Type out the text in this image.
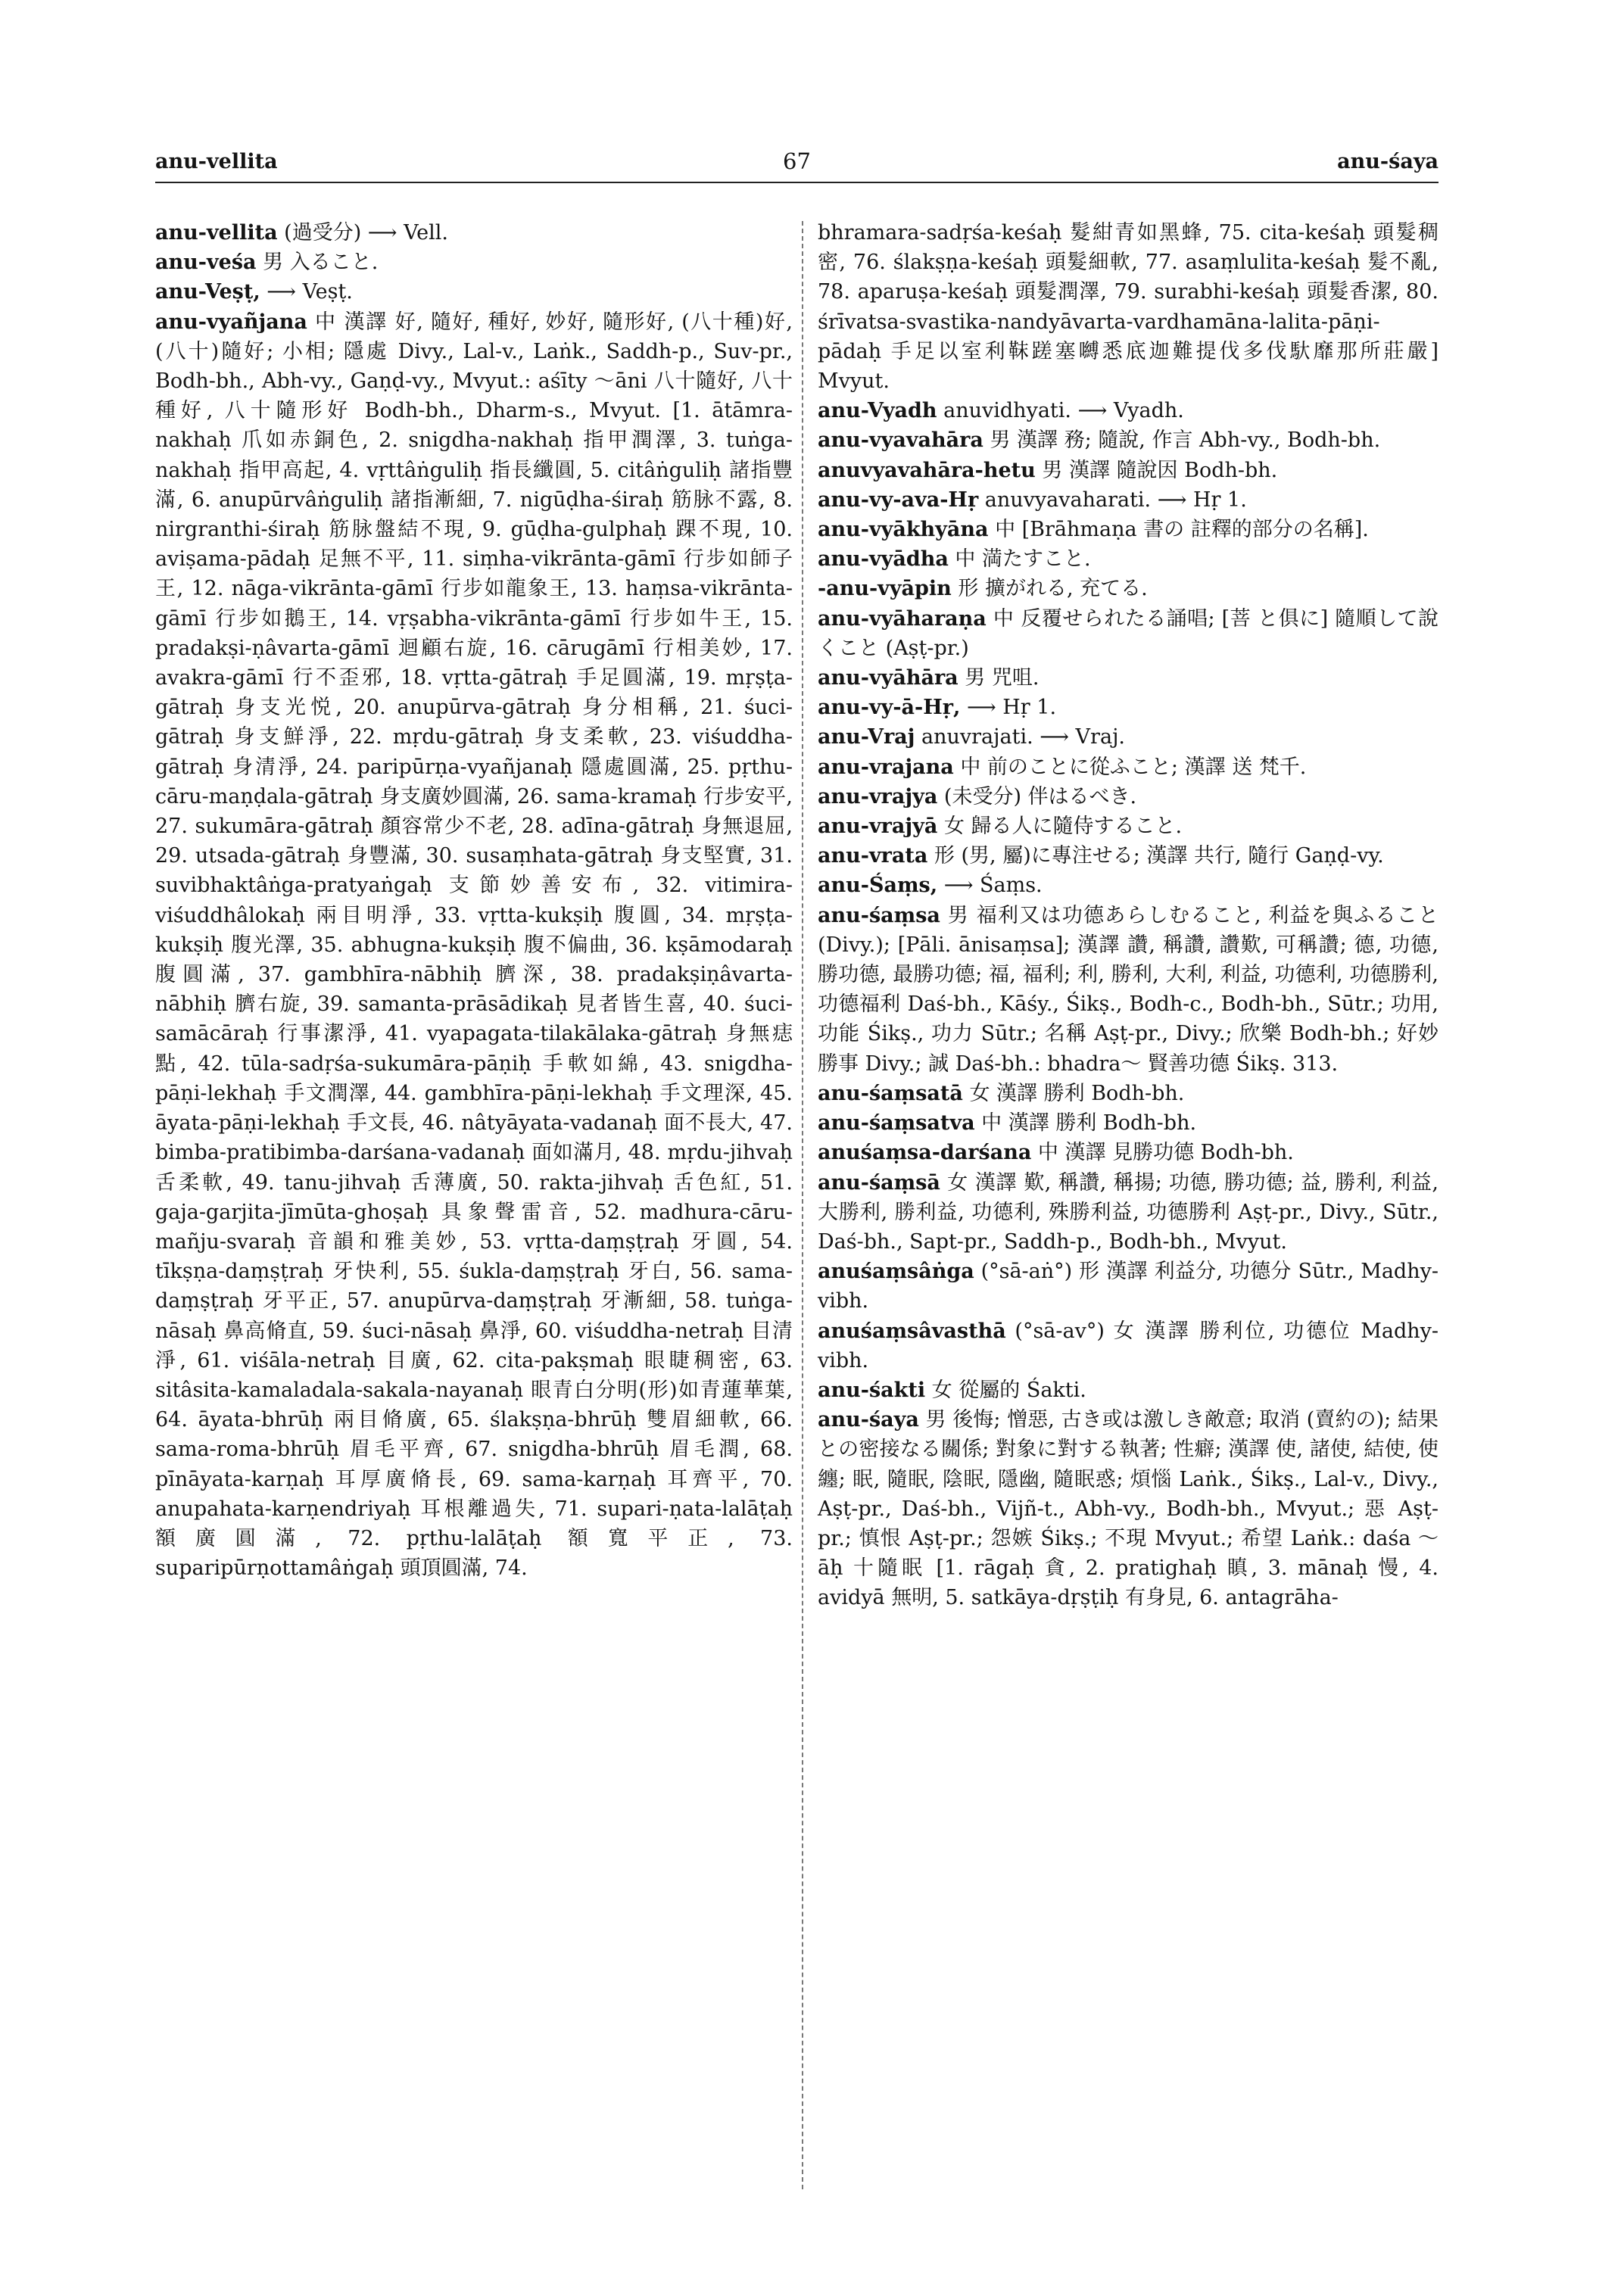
anu-vellita	67	anu-śaya

anu-vellita (過受分) ⟶ Vell.

anu-veśa 男 入ること.

anu-Veṣṭ, ⟶ Veṣṭ.

anu-vyañjana 中 漢譯 好, 隨好, 種好, 妙好, 隨形好, (八十種)好, (八十)隨好; 小相; 隱處 Divy., Lal-v., Laṅk., Saddh-p., Suv-pr., Bodh-bh., Abh-vy., Gaṇḍ-vy., Mvyut.: aśīty ～āni 八十隨好, 八十種好, 八十隨形好 Bodh-bh., Dharm-s., Mvyut. [1. ātāmra-nakhaḥ 爪如赤銅色, 2. snigdha-nakhaḥ 指甲潤澤, 3. tuṅga-nakhaḥ 指甲高起, 4. vṛttâṅguliḥ 指長纖圓, 5. citâṅguliḥ 諸指豐滿, 6. anupūrvâṅguliḥ 諸指漸細, 7. nigūḍha-śiraḥ 筋脉不露, 8. nirgranthi-śiraḥ 筋脉盤結不現, 9. gūḍha-gulphaḥ 踝不現, 10. aviṣama-pādaḥ 足無不平, 11. siṃha-vikrānta-gāmī 行步如師子王, 12. nāga-vikrānta-gāmī 行步如龍象王, 13. haṃsa-vikrānta-gāmī 行步如鵝王, 14. vṛṣabha-vikrānta-gāmī 行步如牛王, 15. pradakṣi-ṇâvarta-gāmī 迴顧右旋, 16. cārugāmī 行相美妙, 17. avakra-gāmī 行不歪邪, 18. vṛtta-gātraḥ 手足圓滿, 19. mṛṣṭa-gātraḥ 身支光悦, 20. anupūrva-gātraḥ 身分相稱, 21. śuci-gātraḥ 身支鮮淨, 22. mṛdu-gātraḥ 身支柔軟, 23. viśuddha-gātraḥ 身清淨, 24. paripūrṇa-vyañjanaḥ 隱處圓滿, 25. pṛthu-cāru-maṇḍala-gātraḥ 身支廣妙圓滿, 26. sama-kramaḥ 行步安平, 27. sukumāra-gātraḥ 顏容常少不老, 28. adīna-gātraḥ 身無退屈, 29. utsada-gātraḥ 身豐滿, 30. susaṃhata-gātraḥ 身支堅實, 31. suvibhaktâṅga-pratyaṅgaḥ 支節妙善安布, 32. vitimira-viśuddhâlokaḥ 兩目明淨, 33. vṛtta-kukṣiḥ 腹圓, 34. mṛṣṭa-kukṣiḥ 腹光澤, 35. abhugna-kukṣiḥ 腹不偏曲, 36. kṣāmodaraḥ 腹圓滿, 37. gambhīra-nābhiḥ 臍深, 38. pradakṣiṇâvarta-nābhiḥ 臍右旋, 39. samanta-prāsādikaḥ 見者皆生喜, 40. śuci-samācāraḥ 行事潔淨, 41. vyapagata-tilakālaka-gātraḥ 身無痣點, 42. tūla-sadṛśa-sukumāra-pāṇiḥ 手軟如綿, 43. snigdha-pāṇi-lekhaḥ 手文潤澤, 44. gambhīra-pāṇi-lekhaḥ 手文理深, 45. āyata-pāṇi-lekhaḥ 手文長, 46. nâtyāyata-vadanaḥ 面不長大, 47. bimba-pratibimba-darśana-vadanaḥ 面如滿月, 48. mṛdu-jihvaḥ 舌柔軟, 49. tanu-jihvaḥ 舌薄廣, 50. rakta-jihvaḥ 舌色紅, 51. gaja-garjita-jīmūta-ghoṣaḥ 具象聲雷音, 52. madhura-cāru-mañju-svaraḥ 音韻和雅美妙, 53. vṛtta-daṃṣṭraḥ 牙圓, 54. tīkṣṇa-daṃṣṭraḥ 牙快利, 55. śukla-daṃṣṭraḥ 牙白, 56. sama-daṃṣṭraḥ 牙平正, 57. anupūrva-daṃṣṭraḥ 牙漸細, 58. tuṅga-nāsaḥ 鼻高脩直, 59. śuci-nāsaḥ 鼻淨, 60. viśuddha-netraḥ 目清淨, 61. viśāla-netraḥ 目廣, 62. cita-pakṣmaḥ 眼睫稠密, 63. sitâsita-kamaladala-sakala-nayanaḥ 眼青白分明(形)如青蓮華葉, 64. āyata-bhrūḥ 兩目脩廣, 65. ślakṣṇa-bhrūḥ 雙眉細軟, 66. sama-roma-bhrūḥ 眉毛平齊, 67. snigdha-bhrūḥ 眉毛潤, 68. pīnāyata-karṇaḥ 耳厚廣脩長, 69. sama-karṇaḥ 耳齊平, 70. anupahata-karṇendriyaḥ 耳根離過失, 71. supari-ṇata-lalāṭaḥ 額廣圓滿, 72. pṛthu-lalāṭaḥ 額寬平正, 73. suparipūrṇottamâṅgaḥ 頭頂圓滿, 74.

bhramara-sadṛśa-keśaḥ 髮紺青如黑蜂, 75. cita-keśaḥ 頭髮稠密, 76. ślakṣṇa-keśaḥ 頭髮細軟, 77. asaṃlulita-keśaḥ 髮不亂, 78. aparuṣa-keśaḥ 頭髮潤澤, 79. surabhi-keśaḥ 頭髮香潔, 80. śrīvatsa-svastika-nandyāvarta-vardhamāna-lalita-pāṇi-pādaḥ 手足以室利靺蹉塞嚩悉底迦難提伐多伐馱靡那所莊嚴] Mvyut.

anu-Vyadh anuvidhyati. ⟶ Vyadh.

anu-vyavahāra 男 漢譯 務; 隨說, 作言 Abh-vy., Bodh-bh.

anuvyavahāra-hetu 男 漢譯 隨說因 Bodh-bh.

anu-vy-ava-Hṛ anuvyavaharati. ⟶ Hṛ 1.

anu-vyākhyāna 中 [Brāhmaṇa 書の 註釋的部分の名稱].

anu-vyādha 中 満たすこと.

-anu-vyāpin 形 擴がれる, 充てる.

anu-vyāharaṇa 中 反覆せられたる誦唱; [菩 と俱に] 隨順して說くこと (Aṣṭ-pr.)

anu-vyāhāra 男 咒咀.

anu-vy-ā-Hṛ, ⟶ Hṛ 1.

anu-Vraj anuvrajati. ⟶ Vraj.

anu-vrajana 中 前のことに從ふこと; 漢譯 送 梵千.

anu-vrajya (未受分) 伴はるべき.

anu-vrajyā 女 歸る人に隨侍すること.

anu-vrata 形 (男, 屬)に專注せる; 漢譯 共行, 隨行 Gaṇḍ-vy.

anu-Śaṃs, ⟶ Śaṃs.

anu-śaṃsa 男 福利又は功德あらしむること, 利益を與ふること (Divy.); [Pāli. ānisaṃsa]; 漢譯 讚, 稱讚, 讚歎, 可稱讚; 德, 功德, 勝功德, 最勝功德; 福, 福利; 利, 勝利, 大利, 利益, 功德利, 功德勝利, 功德福利 Daś-bh., Kāśy., Śikṣ., Bodh-c., Bodh-bh., Sūtr.; 功用, 功能 Śikṣ., 功力 Sūtr.; 名稱 Aṣṭ-pr., Divy.; 欣樂 Bodh-bh.; 好妙勝事 Divy.; 誠 Daś-bh.: bhadra～ 賢善功德 Śikṣ. 313.

anu-śaṃsatā 女 漢譯 勝利 Bodh-bh.

anu-śaṃsatva 中 漢譯 勝利 Bodh-bh.

anuśaṃsa-darśana 中 漢譯 見勝功德 Bodh-bh.

anu-śaṃsā 女 漢譯 歎, 稱讚, 稱揚; 功德, 勝功德; 益, 勝利, 利益, 大勝利, 勝利益, 功德利, 殊勝利益, 功德勝利 Aṣṭ-pr., Divy., Sūtr., Daś-bh., Sapt-pr., Saddh-p., Bodh-bh., Mvyut.

anuśaṃsâṅga (°sā-aṅ°) 形 漢譯 利益分, 功德分 Sūtr., Madhy-vibh.

anuśaṃsâvasthā (°sā-av°) 女 漢譯 勝利位, 功德位 Madhy-vibh.

anu-śakti 女 從屬的 Śakti.

anu-śaya 男 後悔; 憎惡, 古き或は激しき敵意; 取消 (賣約の); 結果との密接なる關係; 對象に對する執著; 性癖; 漢譯 使, 諸使, 結使, 使纏; 眠, 隨眠, 陰眠, 隱幽, 隨眠惑; 煩惱 Laṅk., Śikṣ., Lal-v., Divy., Aṣṭ-pr., Daś-bh., Vijñ-t., Abh-vy., Bodh-bh., Mvyut.; 惡 Aṣṭ-pr.; 慎恨 Aṣṭ-pr.; 怨嫉 Śikṣ.; 不現 Mvyut.; 希望 Laṅk.: daśa ～āḥ 十隨眠 [1. rāgaḥ 貪, 2. pratighaḥ 瞋, 3. mānaḥ 慢, 4. avidyā 無明, 5. satkāya-dṛṣṭiḥ 有身見, 6. antagrāha-
